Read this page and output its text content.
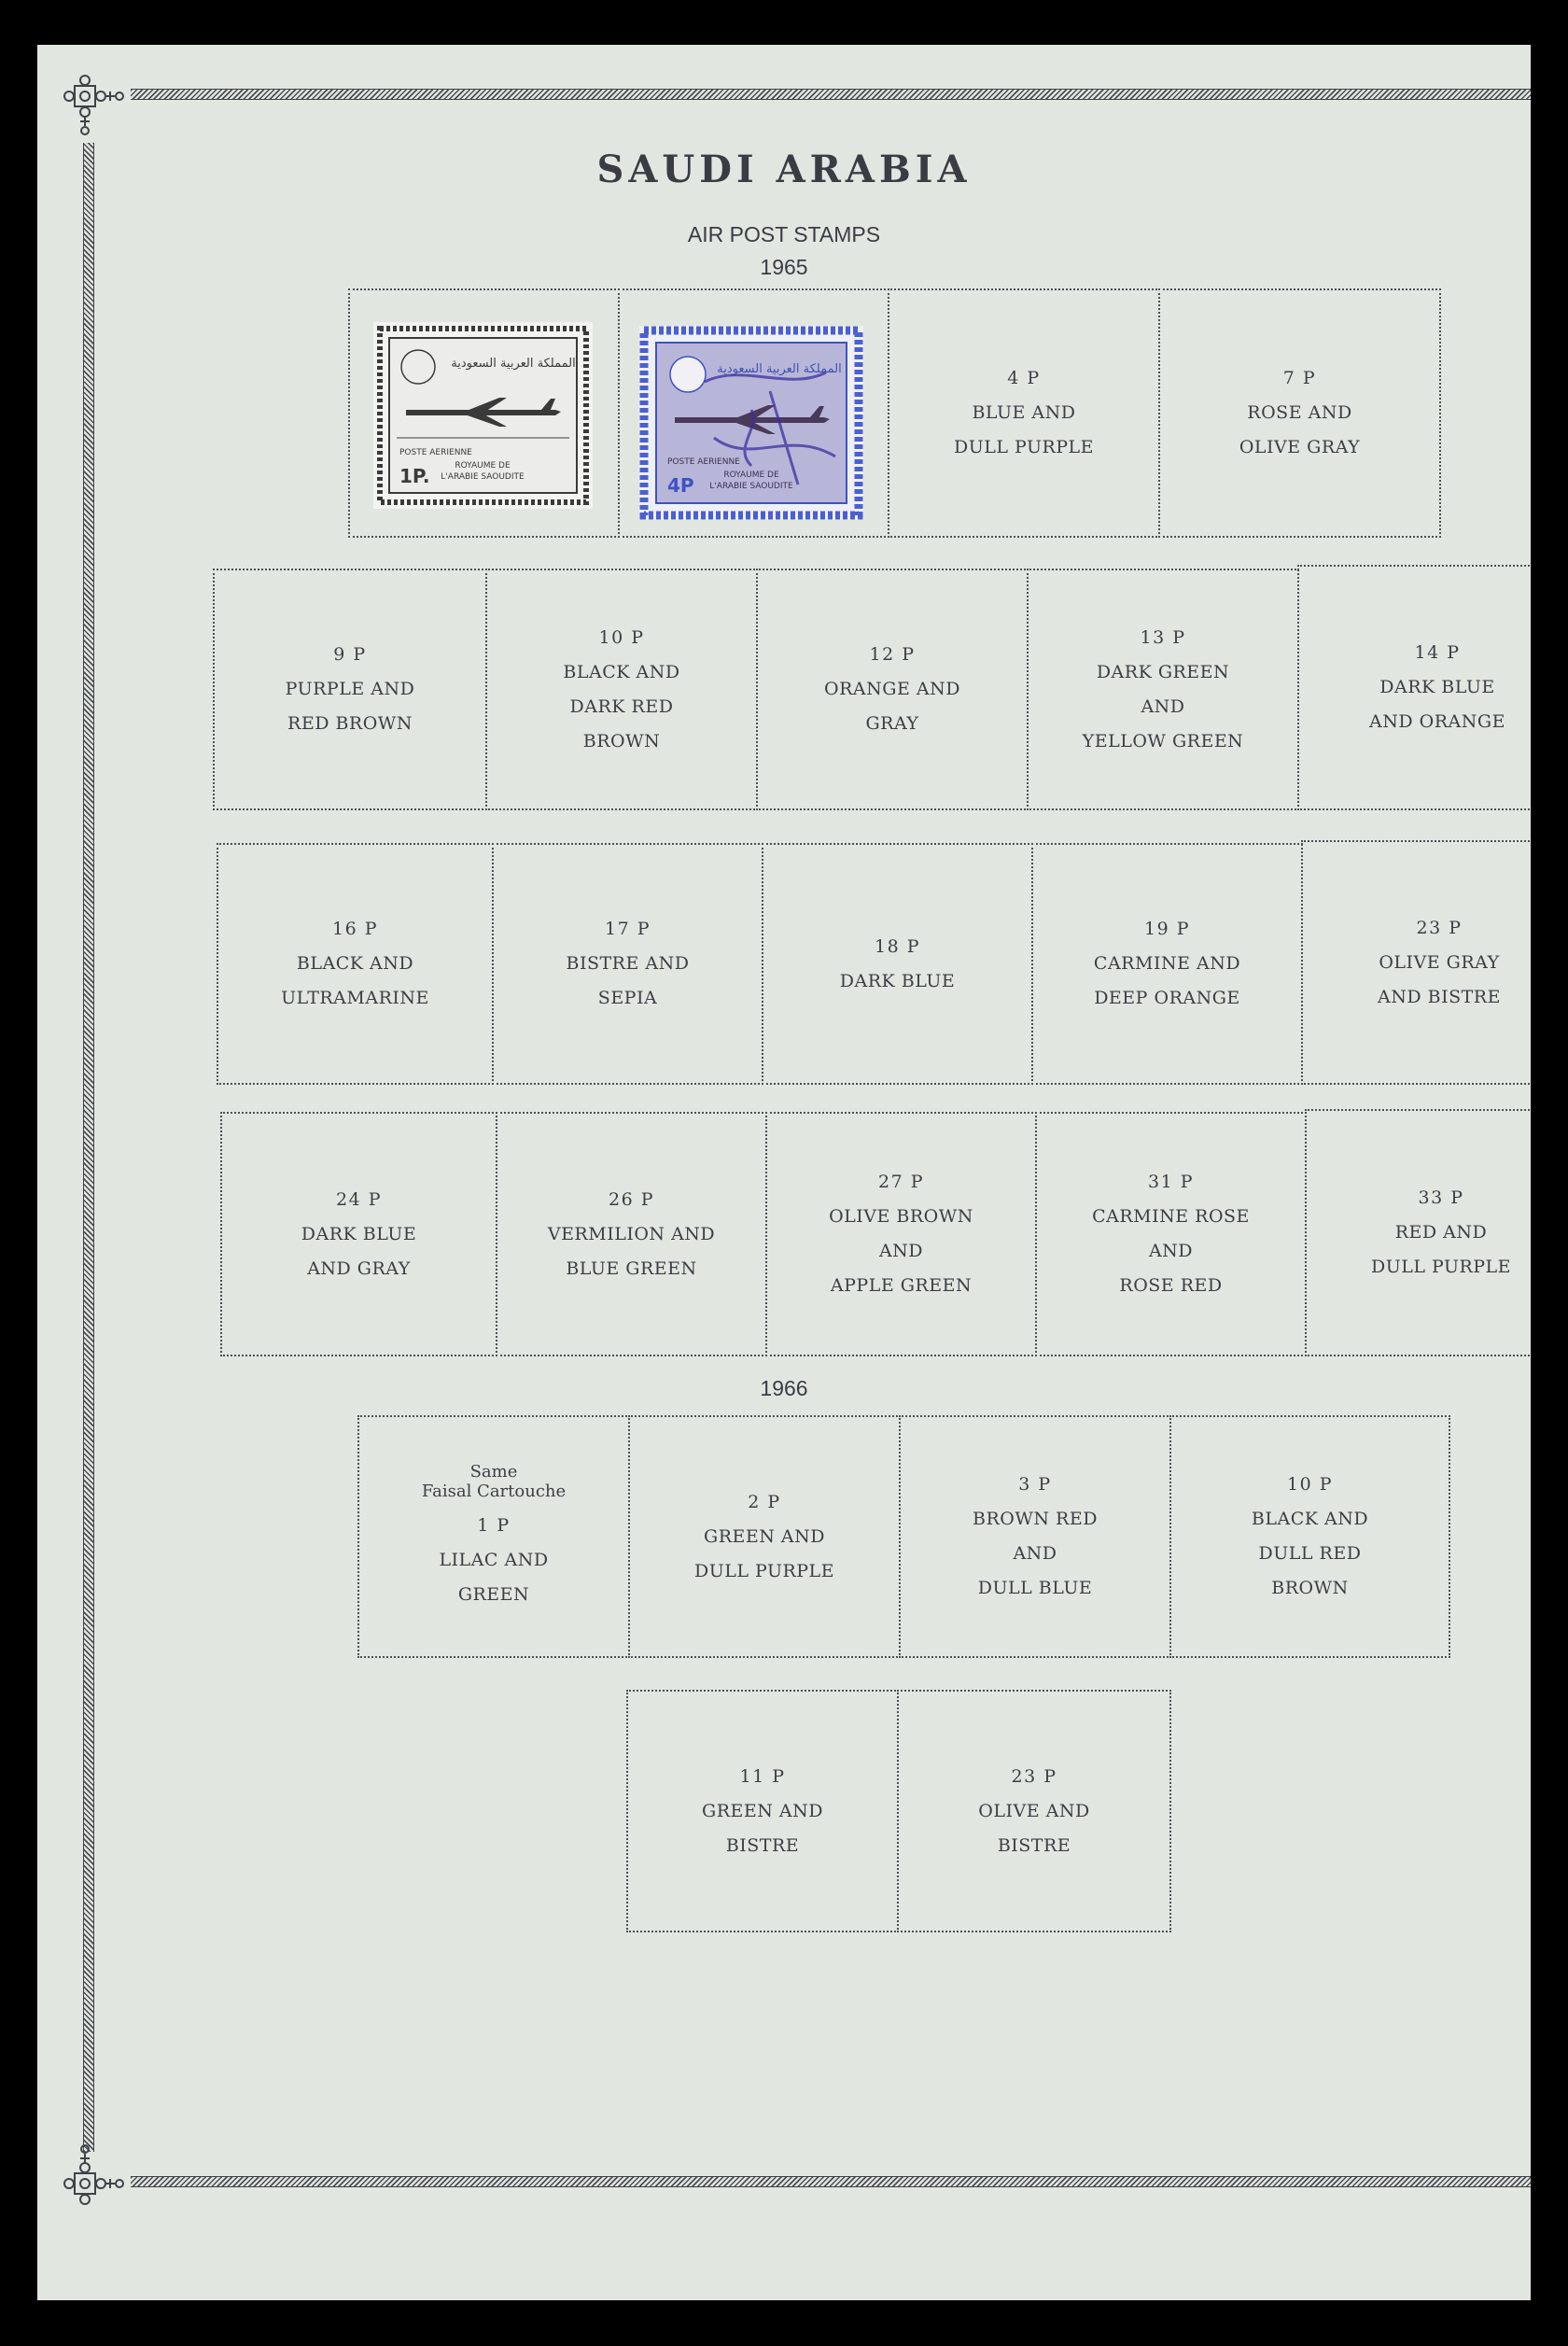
SAUDI ARABIA
AIR POST STAMPS
1965
1966
المملكة العربية السعودية
POSTE AERIENNE
ROYAUME DE
L'ARABIE SAOUDITE
1P.
المملكة العربية السعودية
POSTE AERIENNE
ROYAUME DE
L'ARABIE SAOUDITE
4P
4 P
BLUE AND
DULL PURPLE
7 P
ROSE AND
OLIVE GRAY
9 P
PURPLE AND
RED BROWN
10 P
BLACK AND
DARK RED
BROWN
12 P
ORANGE AND
GRAY
13 P
DARK GREEN
AND
YELLOW GREEN
14 P
DARK BLUE
AND ORANGE
16 P
BLACK AND
ULTRAMARINE
17 P
BISTRE AND
SEPIA
18 P
DARK BLUE
19 P
CARMINE AND
DEEP ORANGE
23 P
OLIVE GRAY
AND BISTRE
24 P
DARK BLUE
AND GRAY
26 P
VERMILION AND
BLUE GREEN
27 P
OLIVE BROWN
AND
APPLE GREEN
31 P
CARMINE ROSE
AND
ROSE RED
33 P
RED AND
DULL PURPLE
Same
Faisal Cartouche
1 P
LILAC AND
GREEN
2 P
GREEN AND
DULL PURPLE
3 P
BROWN RED
AND
DULL BLUE
10 P
BLACK AND
DULL RED
BROWN
11 P
GREEN AND
BISTRE
23 P
OLIVE AND
BISTRE
